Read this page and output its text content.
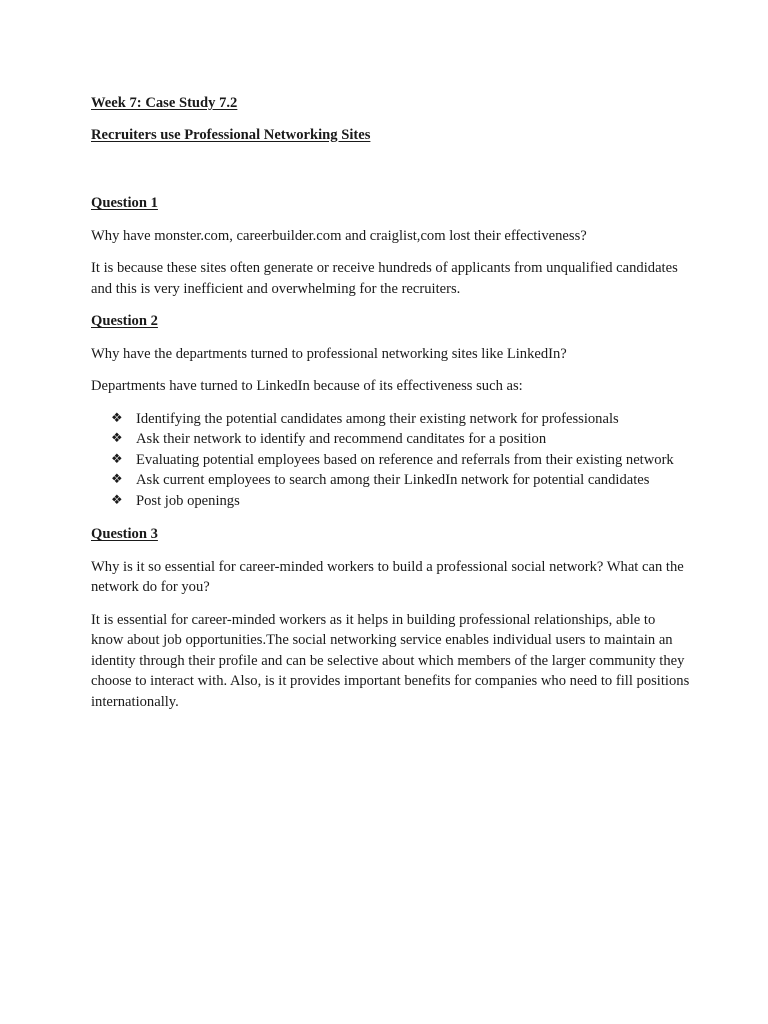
Week 7: Case Study 7.2

Recruiters use Professional Networking Sites

Question 1

Why have monster.com, careerbuilder.com and craiglist,com lost their effectiveness?

It is because these sites often generate or receive hundreds of applicants from unqualified candidates and this is very inefficient and overwhelming for the recruiters.

Question 2

Why have the departments turned to professional networking sites like LinkedIn?

Departments have turned to LinkedIn because of its effectiveness such as:

❖ Identifying the potential candidates among their existing network for professionals
❖ Ask their network to identify and recommend canditates for a position
❖ Evaluating potential employees based on reference and referrals from their existing network
❖ Ask current employees to search among their LinkedIn network for potential candidates
❖ Post job openings

Question 3

Why is it so essential for career-minded workers to build a professional social network? What can the network do for you?

It is essential for career-minded workers as it helps in building professional relationships, able to know about job opportunities.The social networking service enables individual users to maintain an identity through their profile and can be selective about which members of the larger community they choose to interact with. Also, is it provides important benefits for companies who need to fill positions internationally.
